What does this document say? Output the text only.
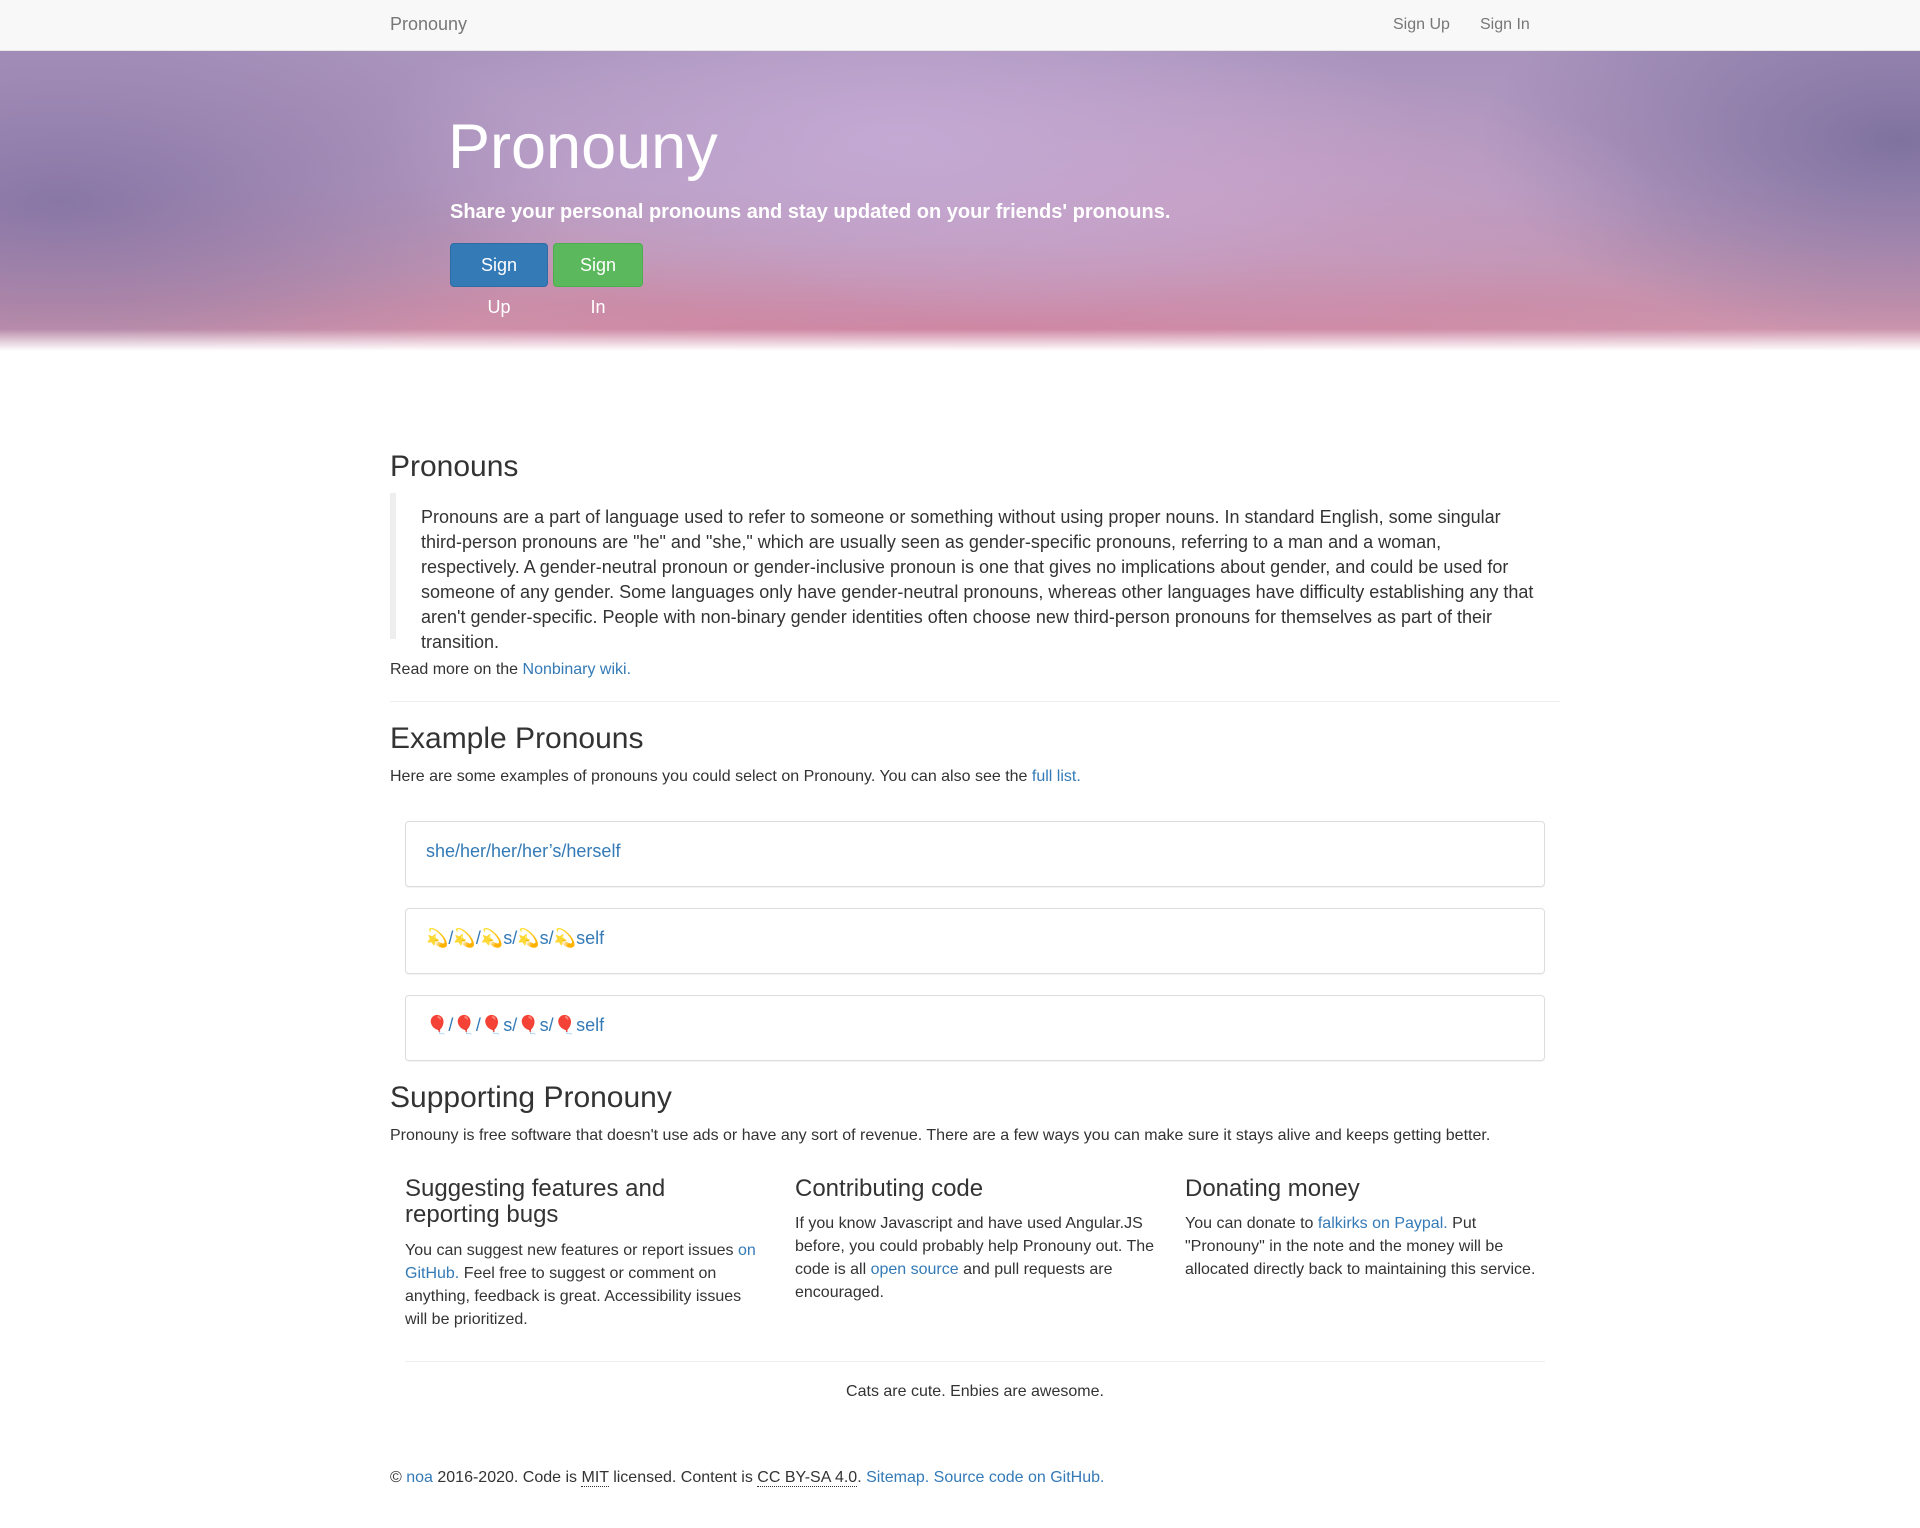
Pronouny	Sign Up Sign In
Pronouny

Share your personal pronouns and stay updated on your friends' pronouns.

Sign Up
Sign In
Pronouns
Pronouns are a part of language used to refer to someone or something without using proper nouns. In standard English, some singular third-person pronouns are "he" and "she," which are usually seen as gender-specific pronouns, referring to a man and a woman, respectively. A gender-neutral pronoun or gender-inclusive pronoun is one that gives no implications about gender, and could be used for someone of any gender. Some languages only have gender-neutral pronouns, whereas other languages have difficulty establishing any that aren't gender-specific. People with non-binary gender identities often choose new third-person pronouns for themselves as part of their transition.

Read more on the Nonbinary wiki.

Example Pronouns

Here are some examples of pronouns you could select on Pronouny. You can also see the full list.

she/her/her/her’s/herself
💫/💫/💫s/💫s/💫self
🎈/🎈/🎈s/🎈s/🎈self
Supporting Pronouny

Pronouny is free software that doesn't use ads or have any sort of revenue. There are a few ways you can make sure it stays alive and keeps getting better.

Suggesting features and reporting bugs

You can suggest new features or report issues on GitHub. Feel free to suggest or comment on anything, feedback is great. Accessibility issues will be prioritized.

Contributing code

If you know Javascript and have used Angular.JS before, you could probably help Pronouny out. The code is all open source and pull requests are encouraged.

Donating money

You can donate to falkirks on Paypal. Put "Pronouny" in the note and the money will be allocated directly back to maintaining this service.

Cats are cute. Enbies are awesome.
© noa 2016-2020. Code is MIT licensed. Content is CC BY-SA 4.0. Sitemap. Source code on GitHub.
